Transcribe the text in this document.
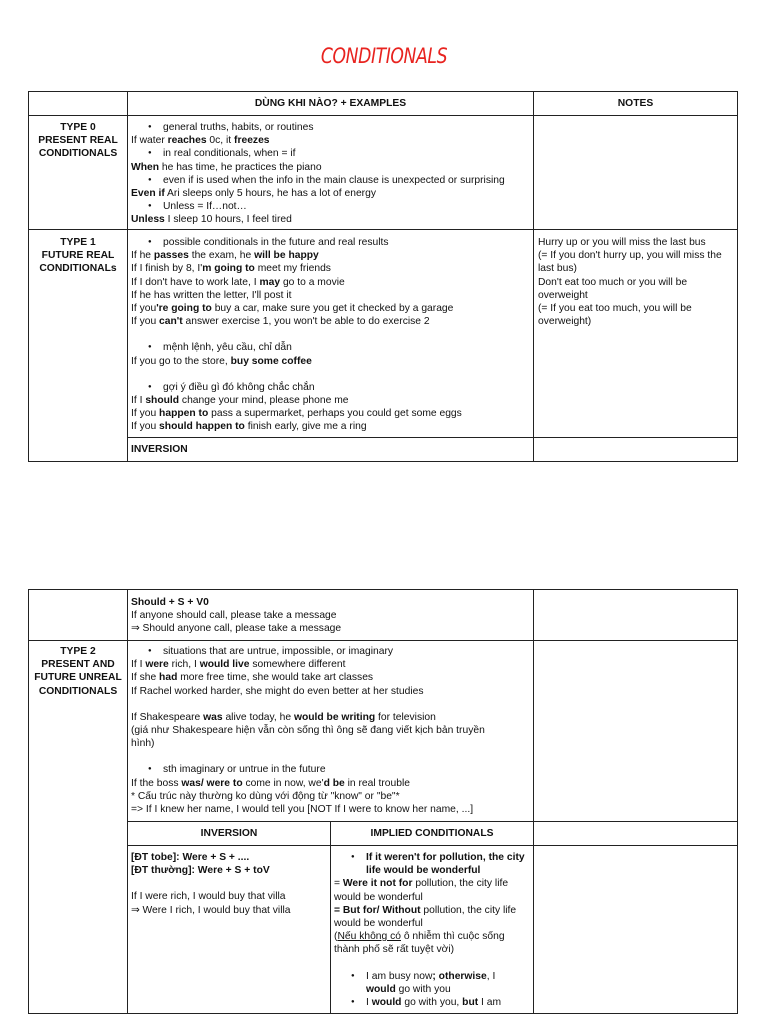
CONDITIONALS
DÙNG KHI NÀO? + EXAMPLES	NOTES
TYPE 0
PRESENT REAL
CONDITIONALS
● general truths, habits, or routines
If water reaches 0c, it freezes
● in real conditionals, when = if
When he has time, he practices the piano
● even if is used when the info in the main clause is unexpected or surprising
Even if Ari sleeps only 5 hours, he has a lot of energy
● Unless = If…not…
Unless I sleep 10 hours, I feel tired
TYPE 1
FUTURE REAL
CONDITIONALs
● possible conditionals in the future and real results
If he passes the exam, he will be happy
If I finish by 8, I'm going to meet my friends
If I don't have to work late, I may go to a movie
If he has written the letter, I'll post it
If you're going to buy a car, make sure you get it checked by a garage
If you can't answer exercise 1, you won't be able to do exercise 2
● mệnh lệnh, yêu cầu, chỉ dẫn
If you go to the store, buy some coffee
● gợi ý điều gì đó không chắc chắn
If I should change your mind, please phone me
If you happen to pass a supermarket, perhaps you could get some eggs
If you should happen to finish early, give me a ring
Hurry up or you will miss the last bus
(= If you don't hurry up, you will miss the
last bus)
Don't eat too much or you will be
overweight
(= If you eat too much, you will be
overweight)
INVERSION
Should + S + V0
If anyone should call, please take a message
⇒ Should anyone call, please take a message
TYPE 2
PRESENT AND
FUTURE UNREAL
CONDITIONALS
● situations that are untrue, impossible, or imaginary
If I were rich, I would live somewhere different
If she had more free time, she would take art classes
If Rachel worked harder, she might do even better at her studies
If Shakespeare was alive today, he would be writing for television
(giá như Shakespeare hiện vẫn còn sống thì ông sẽ đang viết kịch bản truyền
hình)
● sth imaginary or untrue in the future
If the boss was/ were to come in now, we'd be in real trouble
* Cấu trúc này thường ko dùng với động từ "know" or "be"*
=> If I knew her name, I would tell you [NOT If I were to know her name, ...]
INVERSION	IMPLIED CONDITIONALS
[ĐT tobe]: Were + S + ....
[ĐT thường]: Were + S + toV
If I were rich, I would buy that villa
⇒ Were I rich, I would buy that villa
● If it weren't for pollution, the city
life would be wonderful
= Were it not for pollution, the city life
would be wonderful
= But for/ Without pollution, the city life
would be wonderful
(Nếu không có ô nhiễm thì cuộc sống
thành phố sẽ rất tuyệt vời)
● I am busy now; otherwise, I
would go with you
● I would go with you, but I am
